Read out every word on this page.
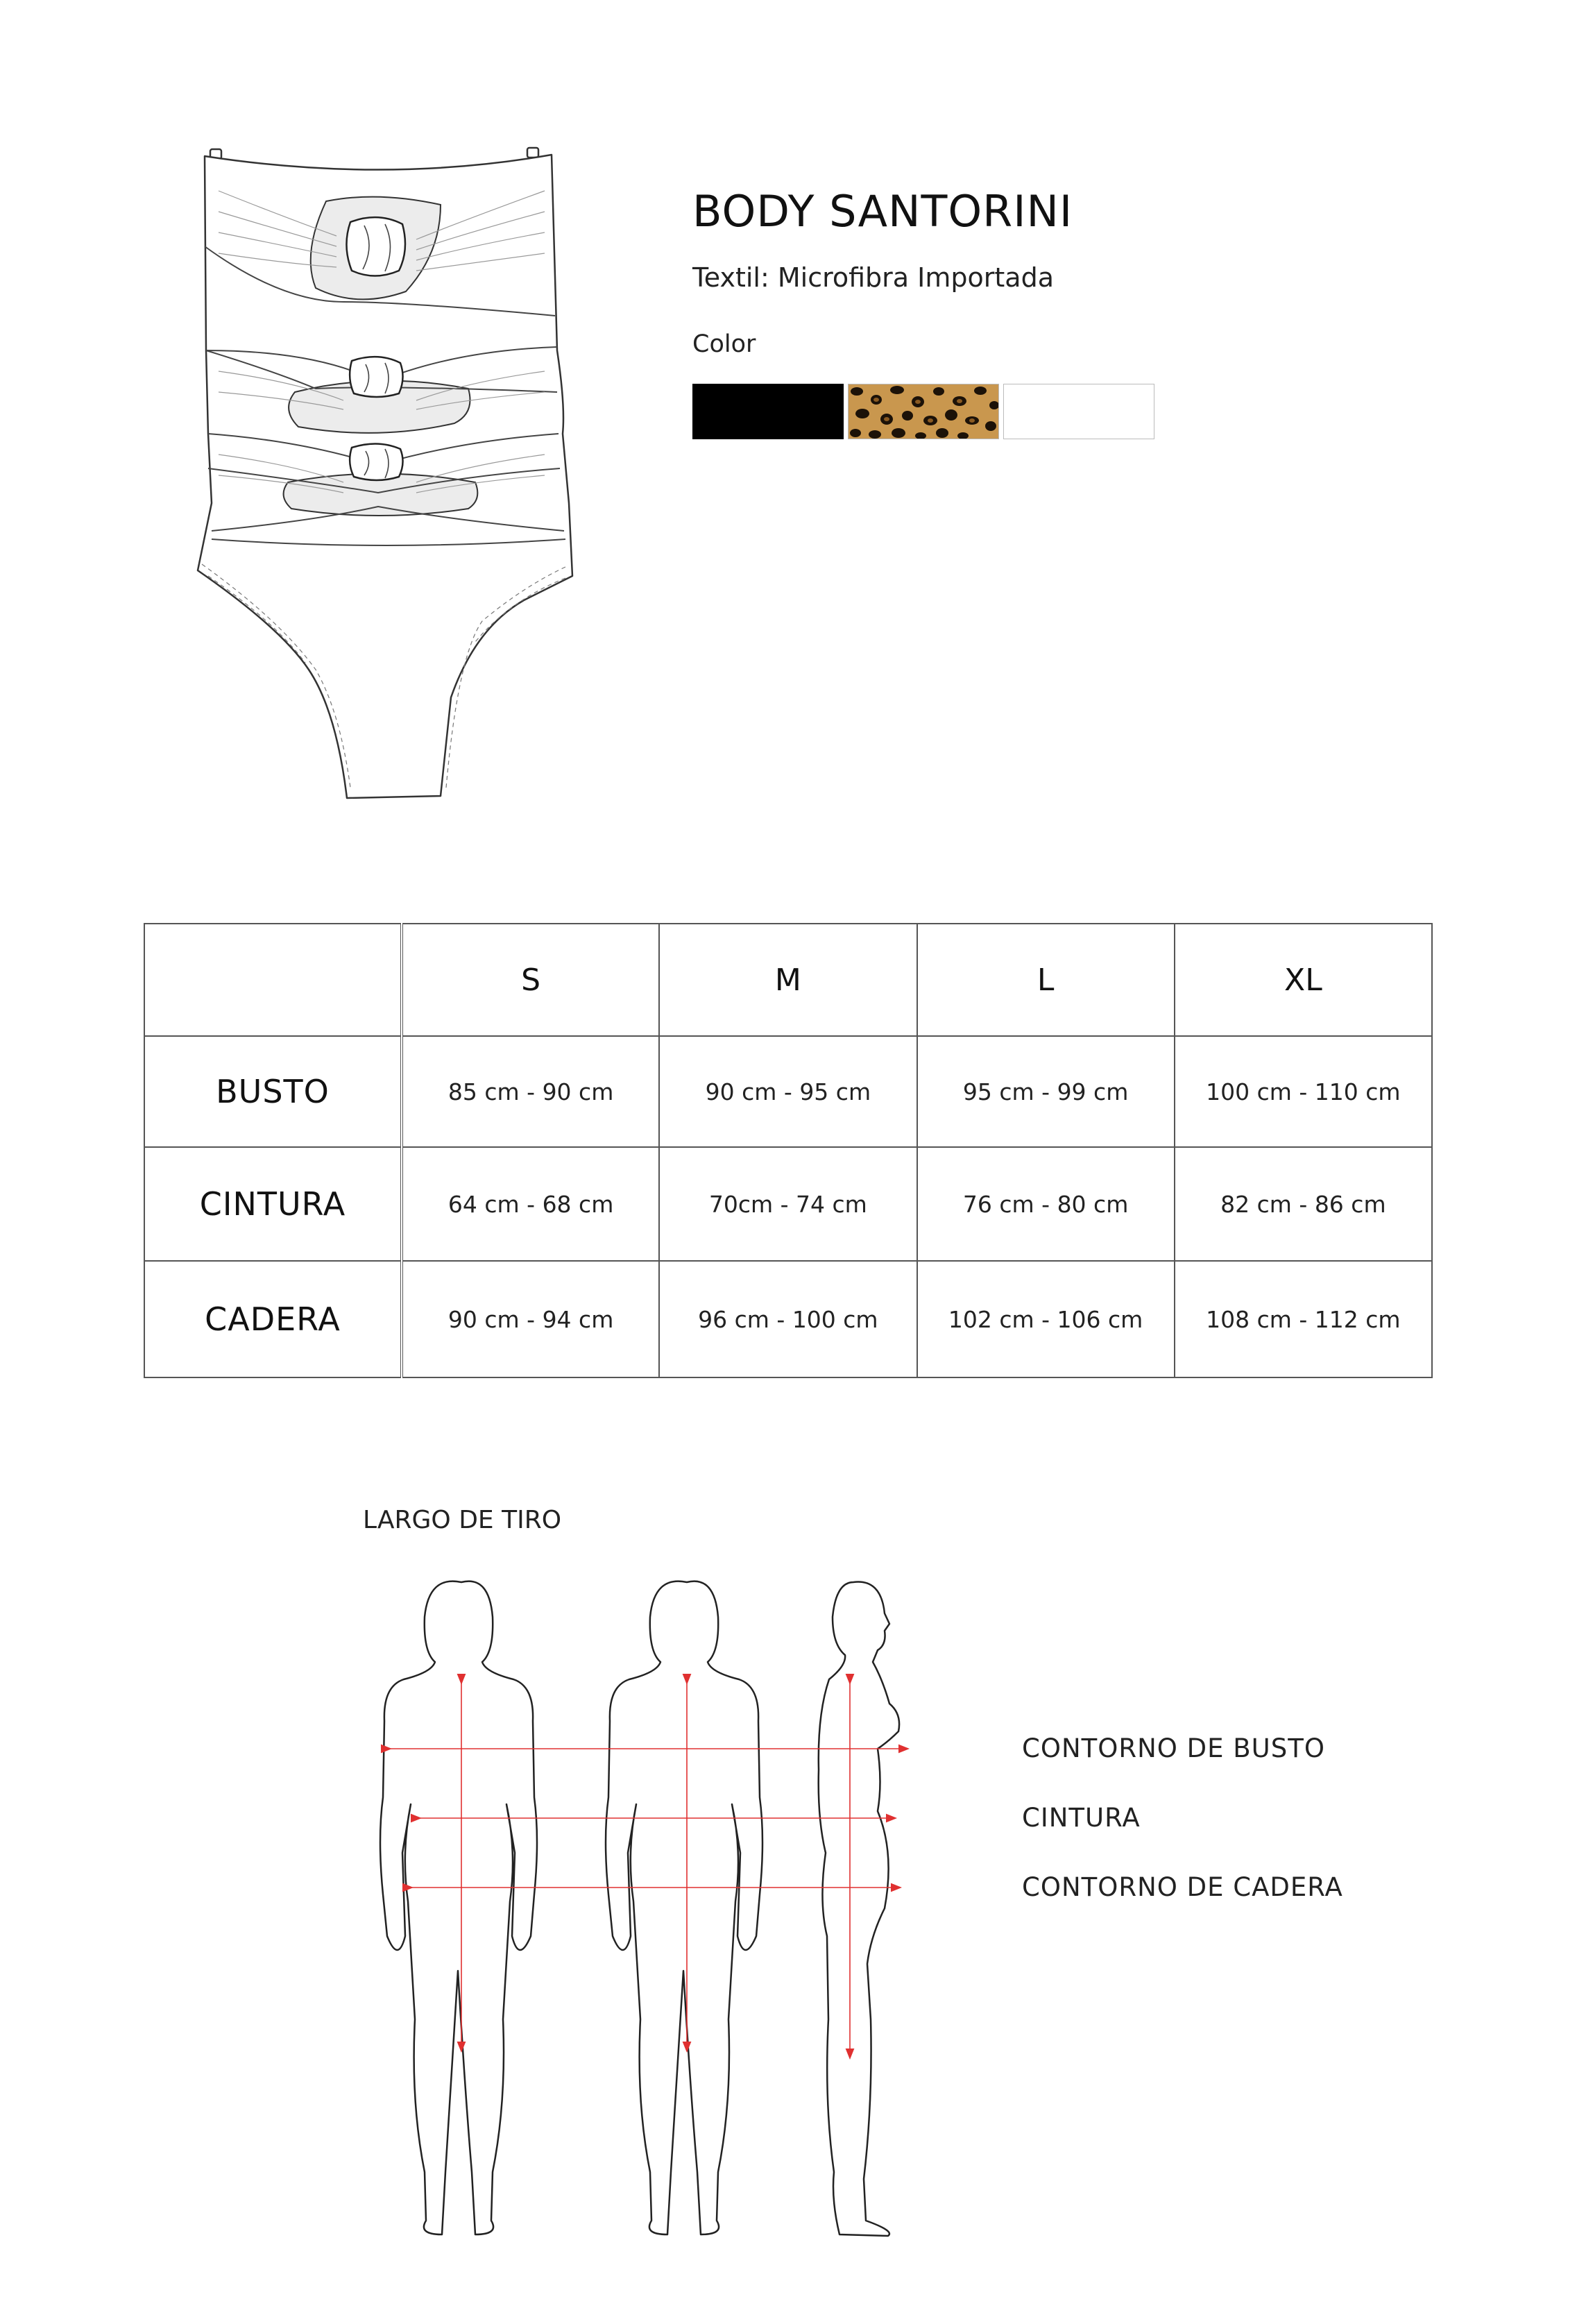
BODY SANTORINI
Textil: Microfibra Importada
Color
	S	M	L	XL
BUSTO	85 cm - 90 cm	90 cm - 95 cm	95 cm - 99 cm	100 cm - 110 cm
CINTURA	64 cm - 68 cm	70cm - 74 cm	76 cm - 80 cm	82 cm - 86 cm
CADERA	90 cm - 94 cm	96 cm - 100 cm	102 cm - 106 cm	108 cm - 112 cm
LARGO DE TIRO
CONTORNO DE BUSTO
CINTURA
CONTORNO DE CADERA
